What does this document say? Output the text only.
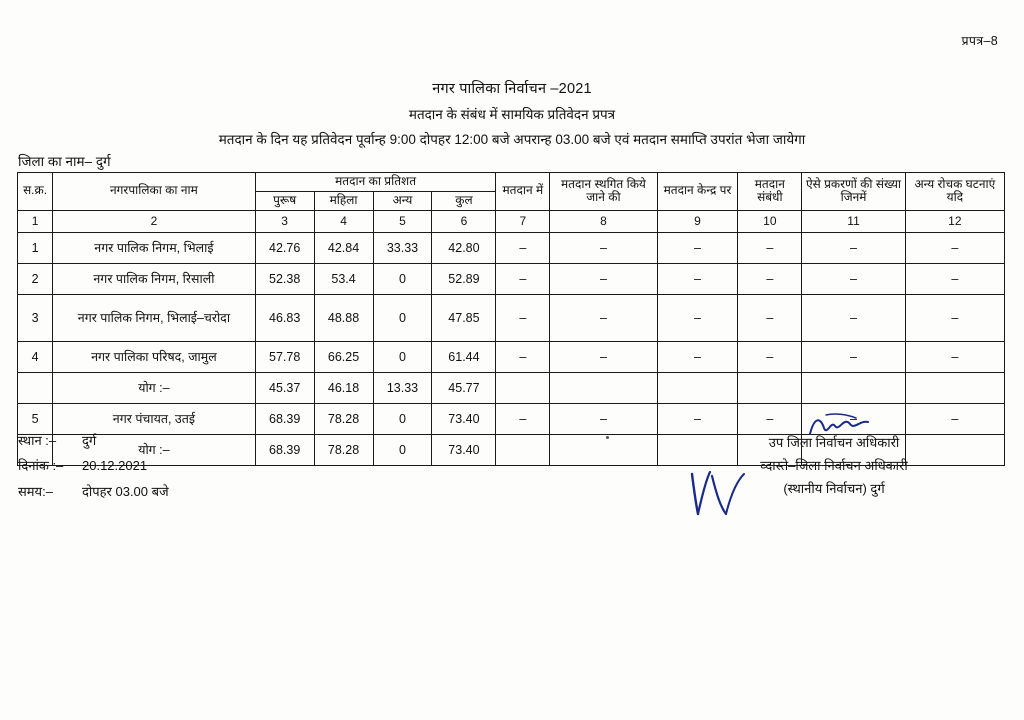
प्रपत्र–8
नगर पालिका निर्वाचन –2021
मतदान के संबंध में सामयिक प्रतिवेदन प्रपत्र
मतदान के दिन यह प्रतिवेदन पूर्वान्ह 9:00 दोपहर 12:00 बजे अपरान्ह 03.00 बजे एवं मतदान समाप्ति उपरांत भेजा जायेगा
जिला का नाम– दुर्ग
स.क्र.	नगरपालिका का नाम	मतदान का प्रतिशत				मतदान में	मतदान स्थगित किये जाने की	मतदान केन्द्र पर	मतदान संबंधी	ऐसे प्रकरणों की संख्या जिनमें	अन्य रोचक घटनाएं यदि
		पुरूष	महिला	अन्य	कुल						
1	2	3	4	5	6	7	8	9	10	11	12
1	नगर पालिक निगम, भिलाई	42.76	42.84	33.33	42.80	–	–	–	–	–	–
2	नगर पालिक निगम, रिसाली	52.38	53.4	0	52.89	–	–	–	–	–	–
3	नगर पालिक निगम, भिलाई–चरोदा	46.83	48.88	0	47.85	–	–	–	–	–	–
4	नगर पालिका परिषद, जामुल	57.78	66.25	0	61.44	–	–	–	–	–	–
	योग :–	45.37	46.18	13.33	45.77						
5	नगर पंचायत, उतई	68.39	78.28	0	73.40	–	–	–	–	–	–
	योग :–	68.39	78.28	0	73.40						
स्थान :– दुर्ग
दिनांक :– 20.12.2021
समय:– दोपहर 03.00 बजे
उप जिला निर्वाचन अधिकारी
व्दास्ते–जिला निर्वाचन अधिकारी
(स्थानीय निर्वाचन) दुर्ग
